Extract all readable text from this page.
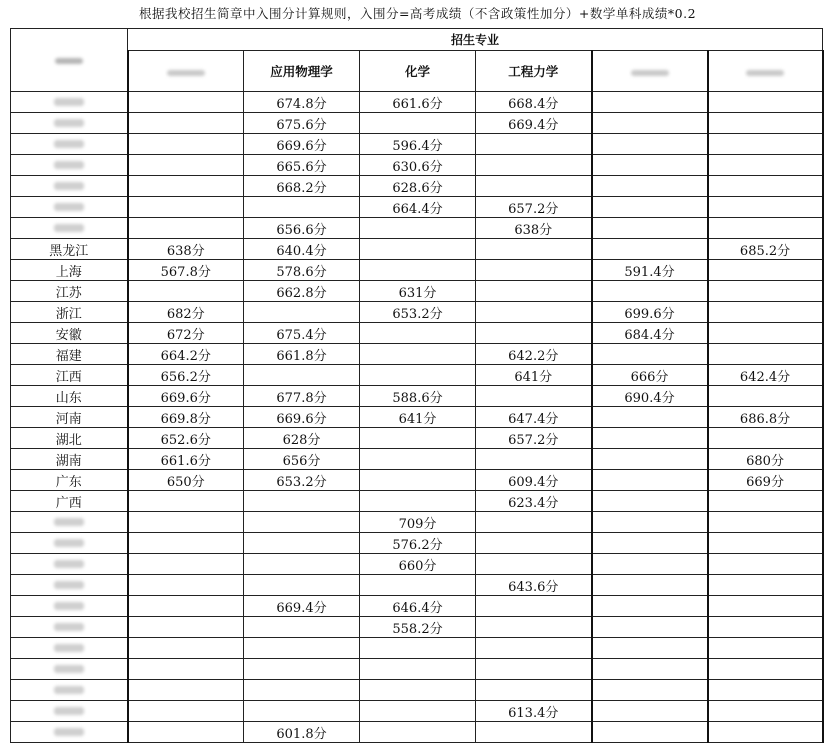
根据我校招生简章中入围分计算规则，入围分=高考成绩（不含政策性加分）+数学单科成绩*0.2
	招生专业					
		应用物理学	化学	工程力学		
		674.8分	661.6分	668.4分		
		675.6分		669.4分		
		669.6分	596.4分			
		665.6分	630.6分			
		668.2分	628.6分			
			664.4分	657.2分		
		656.6分		638分		
黑龙江	638分	640.4分				685.2分
上海	567.8分	578.6分			591.4分	
江苏		662.8分	631分			
浙江	682分		653.2分		699.6分	
安徽	672分	675.4分			684.4分	
福建	664.2分	661.8分		642.2分		
江西	656.2分			641分	666分	642.4分
山东	669.6分	677.8分	588.6分		690.4分	
河南	669.8分	669.6分	641分	647.4分		686.8分
湖北	652.6分	628分		657.2分		
湖南	661.6分	656分				680分
广东	650分	653.2分		609.4分		669分
广西				623.4分		
			709分			
			576.2分			
			660分			
				643.6分		
		669.4分	646.4分			
			558.2分			

				613.4分		
		601.8分				
